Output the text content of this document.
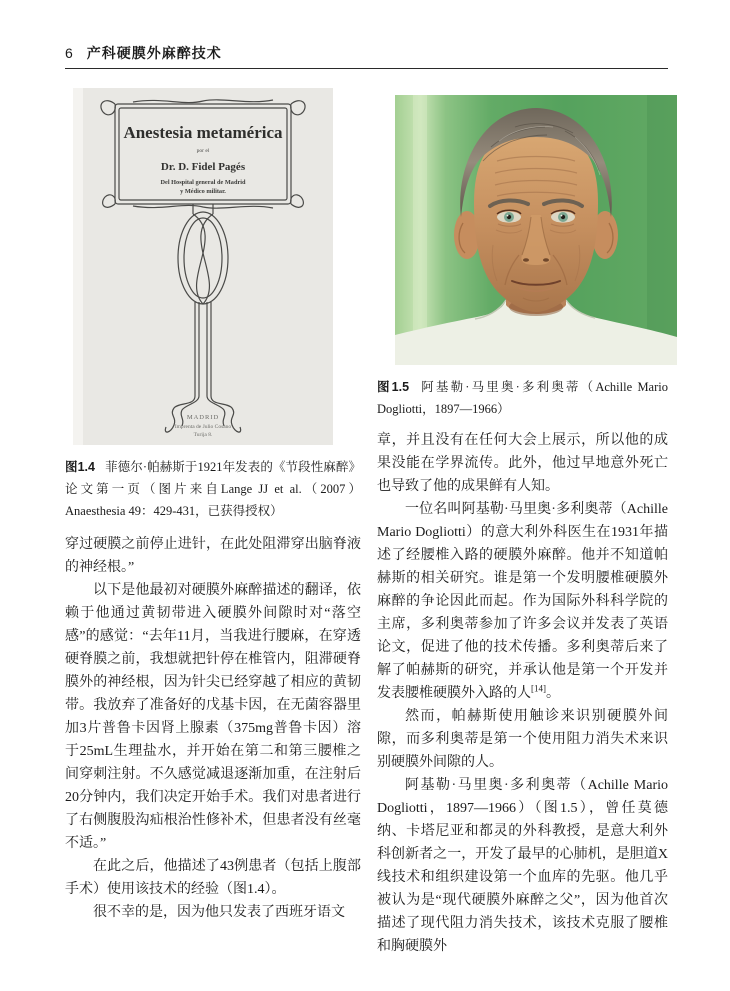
6 产科硬膜外麻醉技术
Anestesia metamérica
por el
Dr. D. Fidel Pagés
Del Hospital general de Madrid
y Médico militar.
MADRID
Imprenta de Julio Cosano
Turija 8.

图1.4 菲德尔·帕赫斯于1921年发表的《节段性麻醉》论文第一页（图片来自Lange JJ et al.（2007）Anaesthesia 49：429-431，已获得授权）

穿过硬膜之前停止进针，在此处阻滞穿出脑脊液的神经根。”

以下是他最初对硬膜外麻醉描述的翻译，依赖于他通过黄韧带进入硬膜外间隙时对“落空感”的感觉：“去年11月，当我进行腰麻，在穿透硬脊膜之前，我想就把针停在椎管内，阻滞硬脊膜外的神经根，因为针尖已经穿越了相应的黄韧带。我放弃了准备好的戊基卡因，在无菌容器里加3片普鲁卡因肾上腺素（375mg普鲁卡因）溶于25mL生理盐水，并开始在第二和第三腰椎之间穿刺注射。不久感觉减退逐渐加重，在注射后20分钟内，我们决定开始手术。我们对患者进行了右侧腹股沟疝根治性修补术，但患者没有丝毫不适。”

在此之后，他描述了43例患者（包括上腹部手术）使用该技术的经验（图1.4）。

很不幸的是，因为他只发表了西班牙语文

图1.5 阿基勒·马里奥·多利奥蒂（Achille Mario Dogliotti，1897—1966）

章，并且没有在任何大会上展示，所以他的成果没能在学界流传。此外，他过早地意外死亡也导致了他的成果鲜有人知。

一位名叫阿基勒·马里奥·多利奥蒂（Achille Mario Dogliotti）的意大利外科医生在1931年描述了经腰椎入路的硬膜外麻醉。他并不知道帕赫斯的相关研究。谁是第一个发明腰椎硬膜外麻醉的争论因此而起。作为国际外科科学院的主席，多利奥蒂参加了许多会议并发表了英语论文，促进了他的技术传播。多利奥蒂后来了解了帕赫斯的研究，并承认他是第一个开发并发表腰椎硬膜外入路的人[14]。

然而，帕赫斯使用触诊来识别硬膜外间隙，而多利奥蒂是第一个使用阻力消失术来识别硬膜外间隙的人。

阿基勒·马里奥·多利奥蒂（Achille Mario Dogliotti，1897—1966）（图1.5），曾任莫德纳、卡塔尼亚和都灵的外科教授，是意大利外科创新者之一，开发了最早的心肺机，是胆道X线技术和组织建设第一个血库的先驱。他几乎被认为是“现代硬膜外麻醉之父”，因为他首次描述了现代阻力消失技术，该技术克服了腰椎和胸硬膜外
